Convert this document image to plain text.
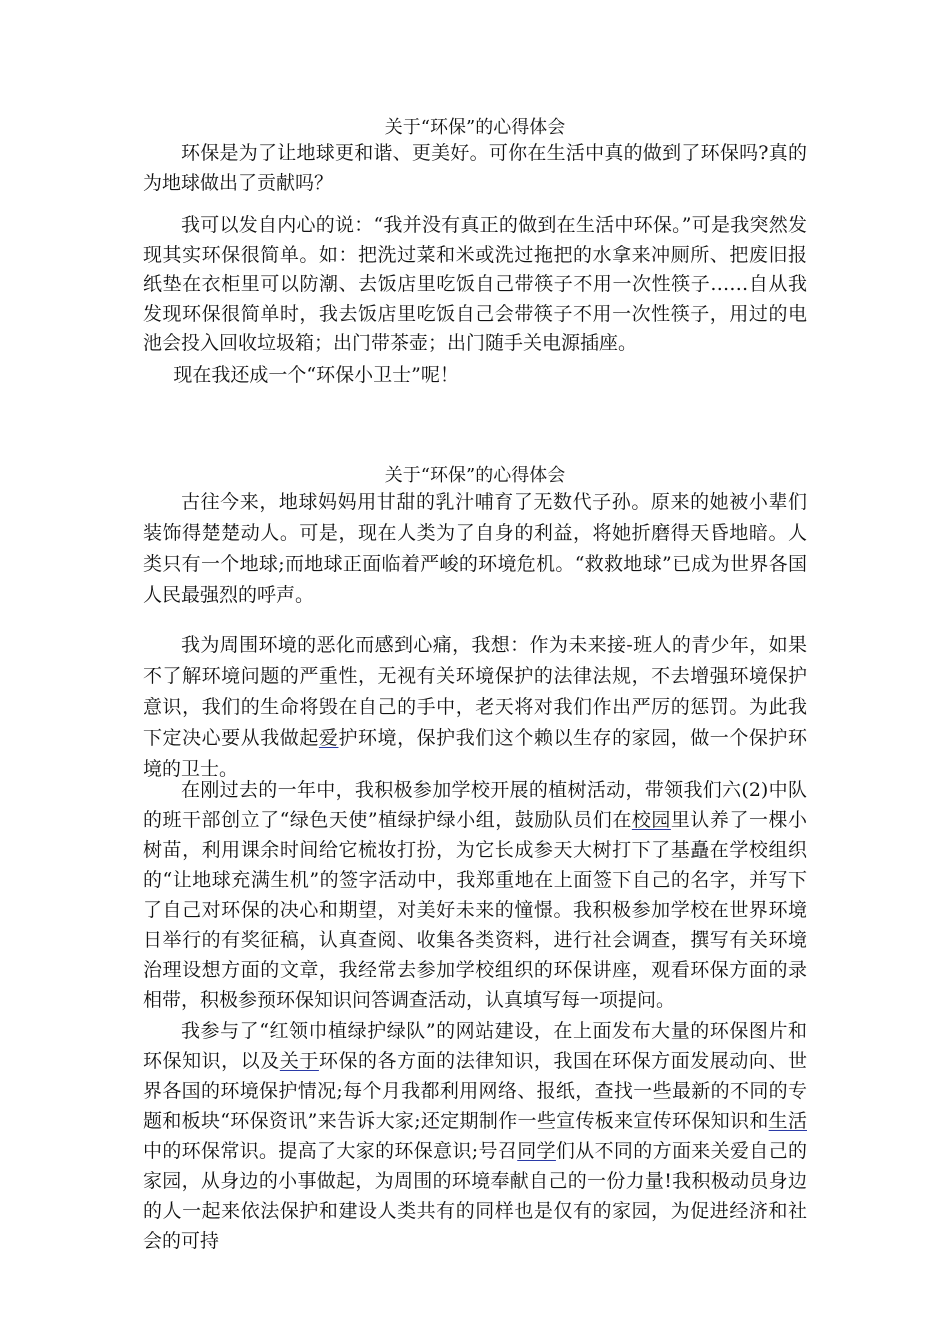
关于“环保”的心得体会

环保是为了让地球更和谐、更美好。可你在生活中真的做到了环保吗?真的为地球做出了贡献吗？

我可以发自内心的说：“我并没有真正的做到在生活中环保。”可是我突然发现其实环保很简单。如：把洗过菜和米或洗过拖把的水拿来冲厕所、把废旧报纸垫在衣柜里可以防潮、去饭店里吃饭自己带筷子不用一次性筷子……自从我发现环保很简单时，我去饭店里吃饭自己会带筷子不用一次性筷子，用过的电池会投入回收垃圾箱；出门带茶壶；出门随手关电源插座。

现在我还成一个“环保小卫士”呢！

关于“环保”的心得体会

古往今来，地球妈妈用甘甜的乳汁哺育了无数代子孙。原来的她被小辈们装饰得楚楚动人。可是，现在人类为了自身的利益，将她折磨得天昏地暗。人类只有一个地球;而地球正面临着严峻的环境危机。“救救地球”已成为世界各国人民最强烈的呼声。

我为周围环境的恶化而感到心痛，我想：作为未来接-班人的青少年，如果不了解环境问题的严重性，无视有关环境保护的法律法规，不去增强环境保护意识，我们的生命将毁在自己的手中，老天将对我们作出严厉的惩罚。为此我下定决心要从我做起爱护环境，保护我们这个赖以生存的家园，做一个保护环境的卫士。

在刚过去的一年中，我积极参加学校开展的植树活动，带领我们六(2)中队的班干部创立了“绿色天使”植绿护绿小组，鼓励队员们在校园里认养了一棵小树苗，利用课余时间给它梳妆打扮，为它长成参天大树打下了基矗在学校组织的“让地球充满生机”的签字活动中，我郑重地在上面签下自己的名字，并写下了自己对环保的决心和期望，对美好未来的憧憬。我积极参加学校在世界环境日举行的有奖征稿，认真查阅、收集各类资料，进行社会调查，撰写有关环境治理设想方面的文章，我经常去参加学校组织的环保讲座，观看环保方面的录相带，积极参预环保知识问答调查活动，认真填写每一项提问。

我参与了“红领巾植绿护绿队”的网站建设，在上面发布大量的环保图片和环保知识，以及关于环保的各方面的法律知识，我国在环保方面发展动向、世界各国的环境保护情况;每个月我都利用网络、报纸，查找一些最新的不同的专题和板块“环保资讯”来告诉大家;还定期制作一些宣传板来宣传环保知识和生活中的环保常识。提高了大家的环保意识;号召同学们从不同的方面来关爱自己的家园，从身边的小事做起，为周围的环境奉献自己的一份力量!我积极动员身边的人一起来依法保护和建设人类共有的同样也是仅有的家园，为促进经济和社会的可持
